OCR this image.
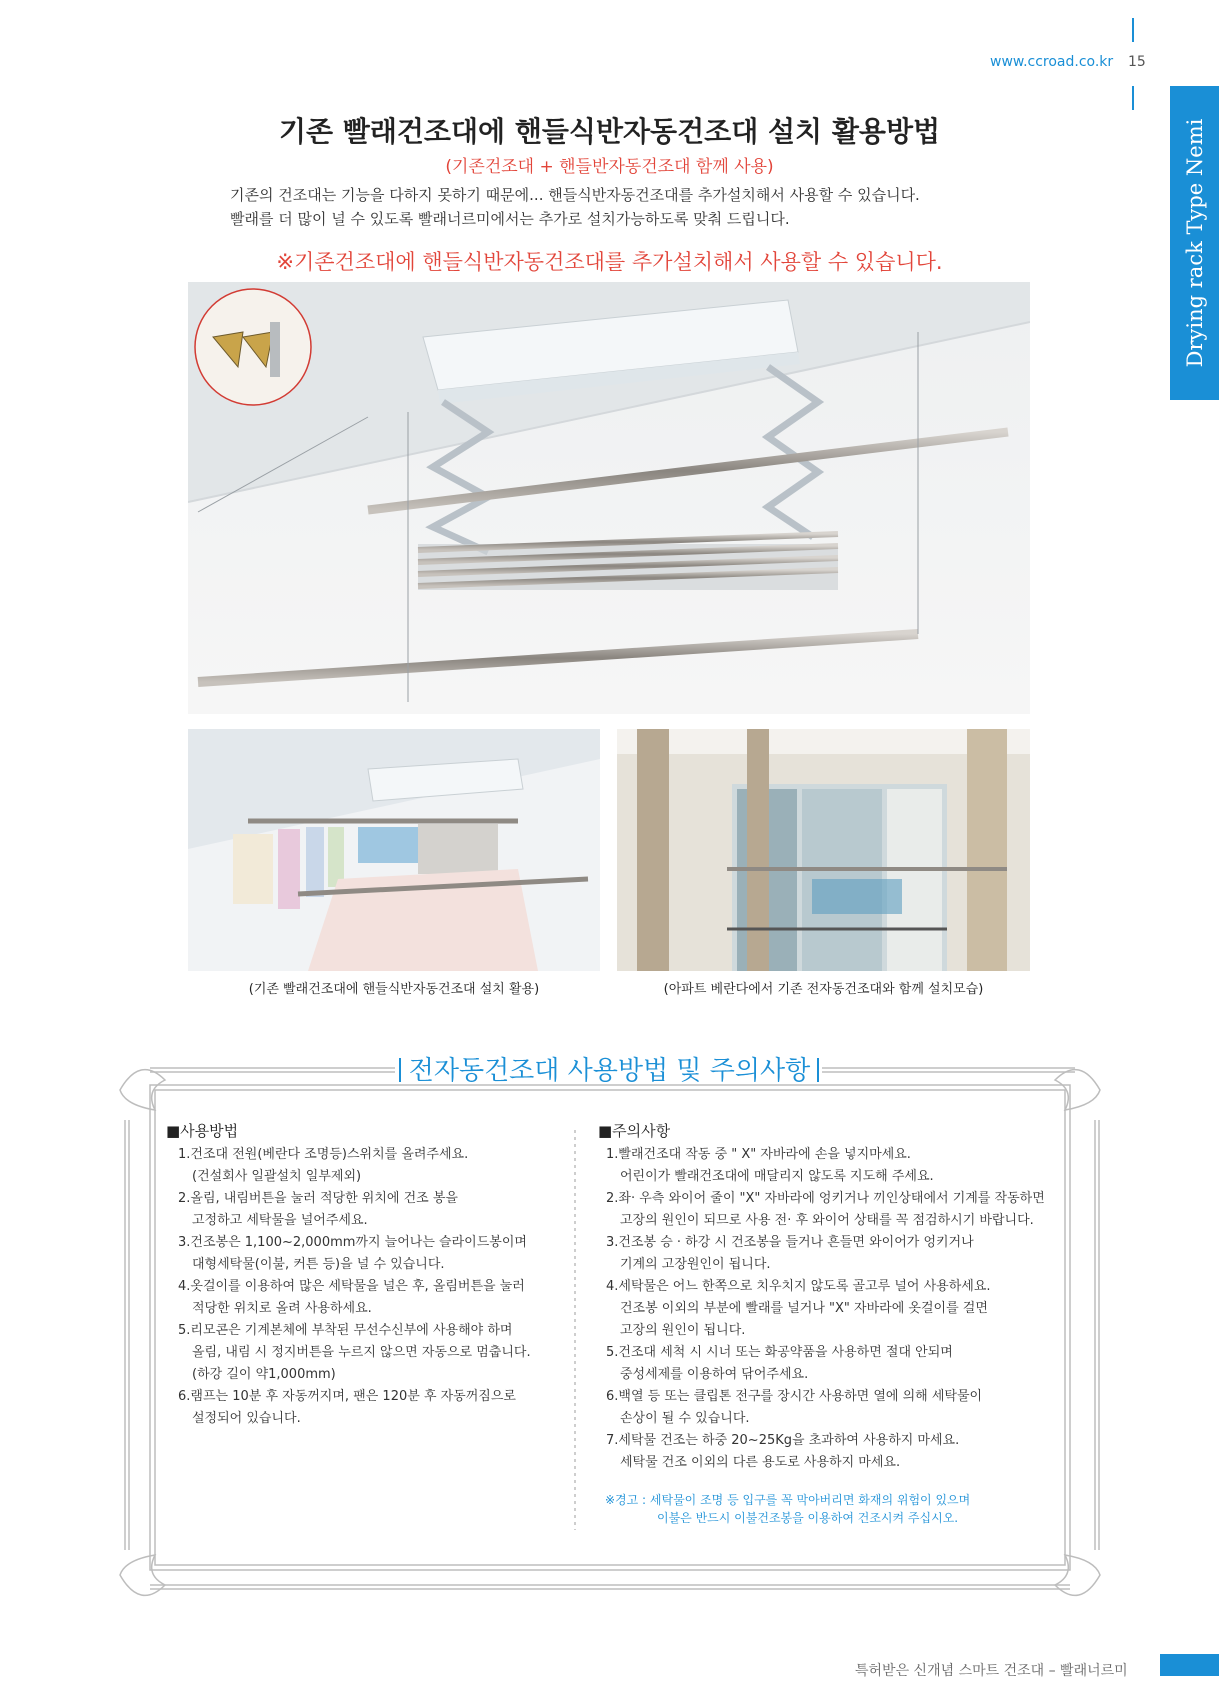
www.ccroad.co.kr 15
Drying rack Type Nemi
기존 빨래건조대에 핸들식반자동건조대 설치 활용방법
(기존건조대 + 핸들반자동건조대 함께 사용)
기존의 건조대는 기능을 다하지 못하기 때문에... 핸들식반자동건조대를 추가설치해서 사용할 수 있습니다.
빨래를 더 많이 널 수 있도록 빨래너르미에서는 추가로 설치가능하도록 맞춰 드립니다.
※기존건조대에 핸들식반자동건조대를 추가설치해서 사용할 수 있습니다.
(기존 빨래건조대에 핸들식반자동건조대 설치 활용)	(아파트 베란다에서 기존 전자동건조대와 함께 설치모습)
전자동건조대 사용방법 및 주의사항
■사용방법
1.건조대 전원(베란다 조명등)스위치를 올려주세요.
(건설회사 일괄설치 일부제외)
2.올림, 내림버튼을 눌러 적당한 위치에 건조 봉을
고정하고 세탁물을 널어주세요.
3.건조봉은 1,100~2,000mm까지 늘어나는 슬라이드봉이며
대형세탁물(이불, 커튼 등)을 널 수 있습니다.
4.옷걸이를 이용하여 많은 세탁물을 널은 후, 올림버튼을 눌러
적당한 위치로 올려 사용하세요.
5.리모콘은 기계본체에 부착된 무선수신부에 사용해야 하며
올림, 내림 시 정지버튼을 누르지 않으면 자동으로 멈춥니다.
(하강 길이 약1,000mm)
6.램프는 10분 후 자동꺼지며, 팬은 120분 후 자동꺼짐으로
설정되어 있습니다.
■주의사항
1.빨래건조대 작동 중 " X" 자바라에 손을 넣지마세요.
어린이가 빨래건조대에 매달리지 않도록 지도해 주세요.
2.좌· 우측 와이어 줄이 "X" 자바라에 엉키거나 끼인상태에서 기계를 작동하면
고장의 원인이 되므로 사용 전· 후 와이어 상태를 꼭 점검하시기 바랍니다.
3.건조봉 승 · 하강 시 건조봉을 들거나 흔들면 와이어가 엉키거나
기계의 고장원인이 됩니다.
4.세탁물은 어느 한쪽으로 치우치지 않도록 골고루 널어 사용하세요.
건조봉 이외의 부분에 빨래를 널거나 "X" 자바라에 옷걸이를 걸면
고장의 원인이 됩니다.
5.건조대 세척 시 시너 또는 화공약품을 사용하면 절대 안되며
중성세제를 이용하여 닦어주세요.
6.백열 등 또는 클립톤 전구를 장시간 사용하면 열에 의해 세탁물이
손상이 될 수 있습니다.
7.세탁물 건조는 하중 20~25Kg을 초과하여 사용하지 마세요.
세탁물 건조 이외의 다른 용도로 사용하지 마세요.
※경고 : 세탁물이 조명 등 입구를 꼭 막아버리면 화재의 위험이 있으며
이불은 반드시 이불건조봉을 이용하여 건조시켜 주십시오.
특허받은 신개념 스마트 건조대 – 빨래너르미
